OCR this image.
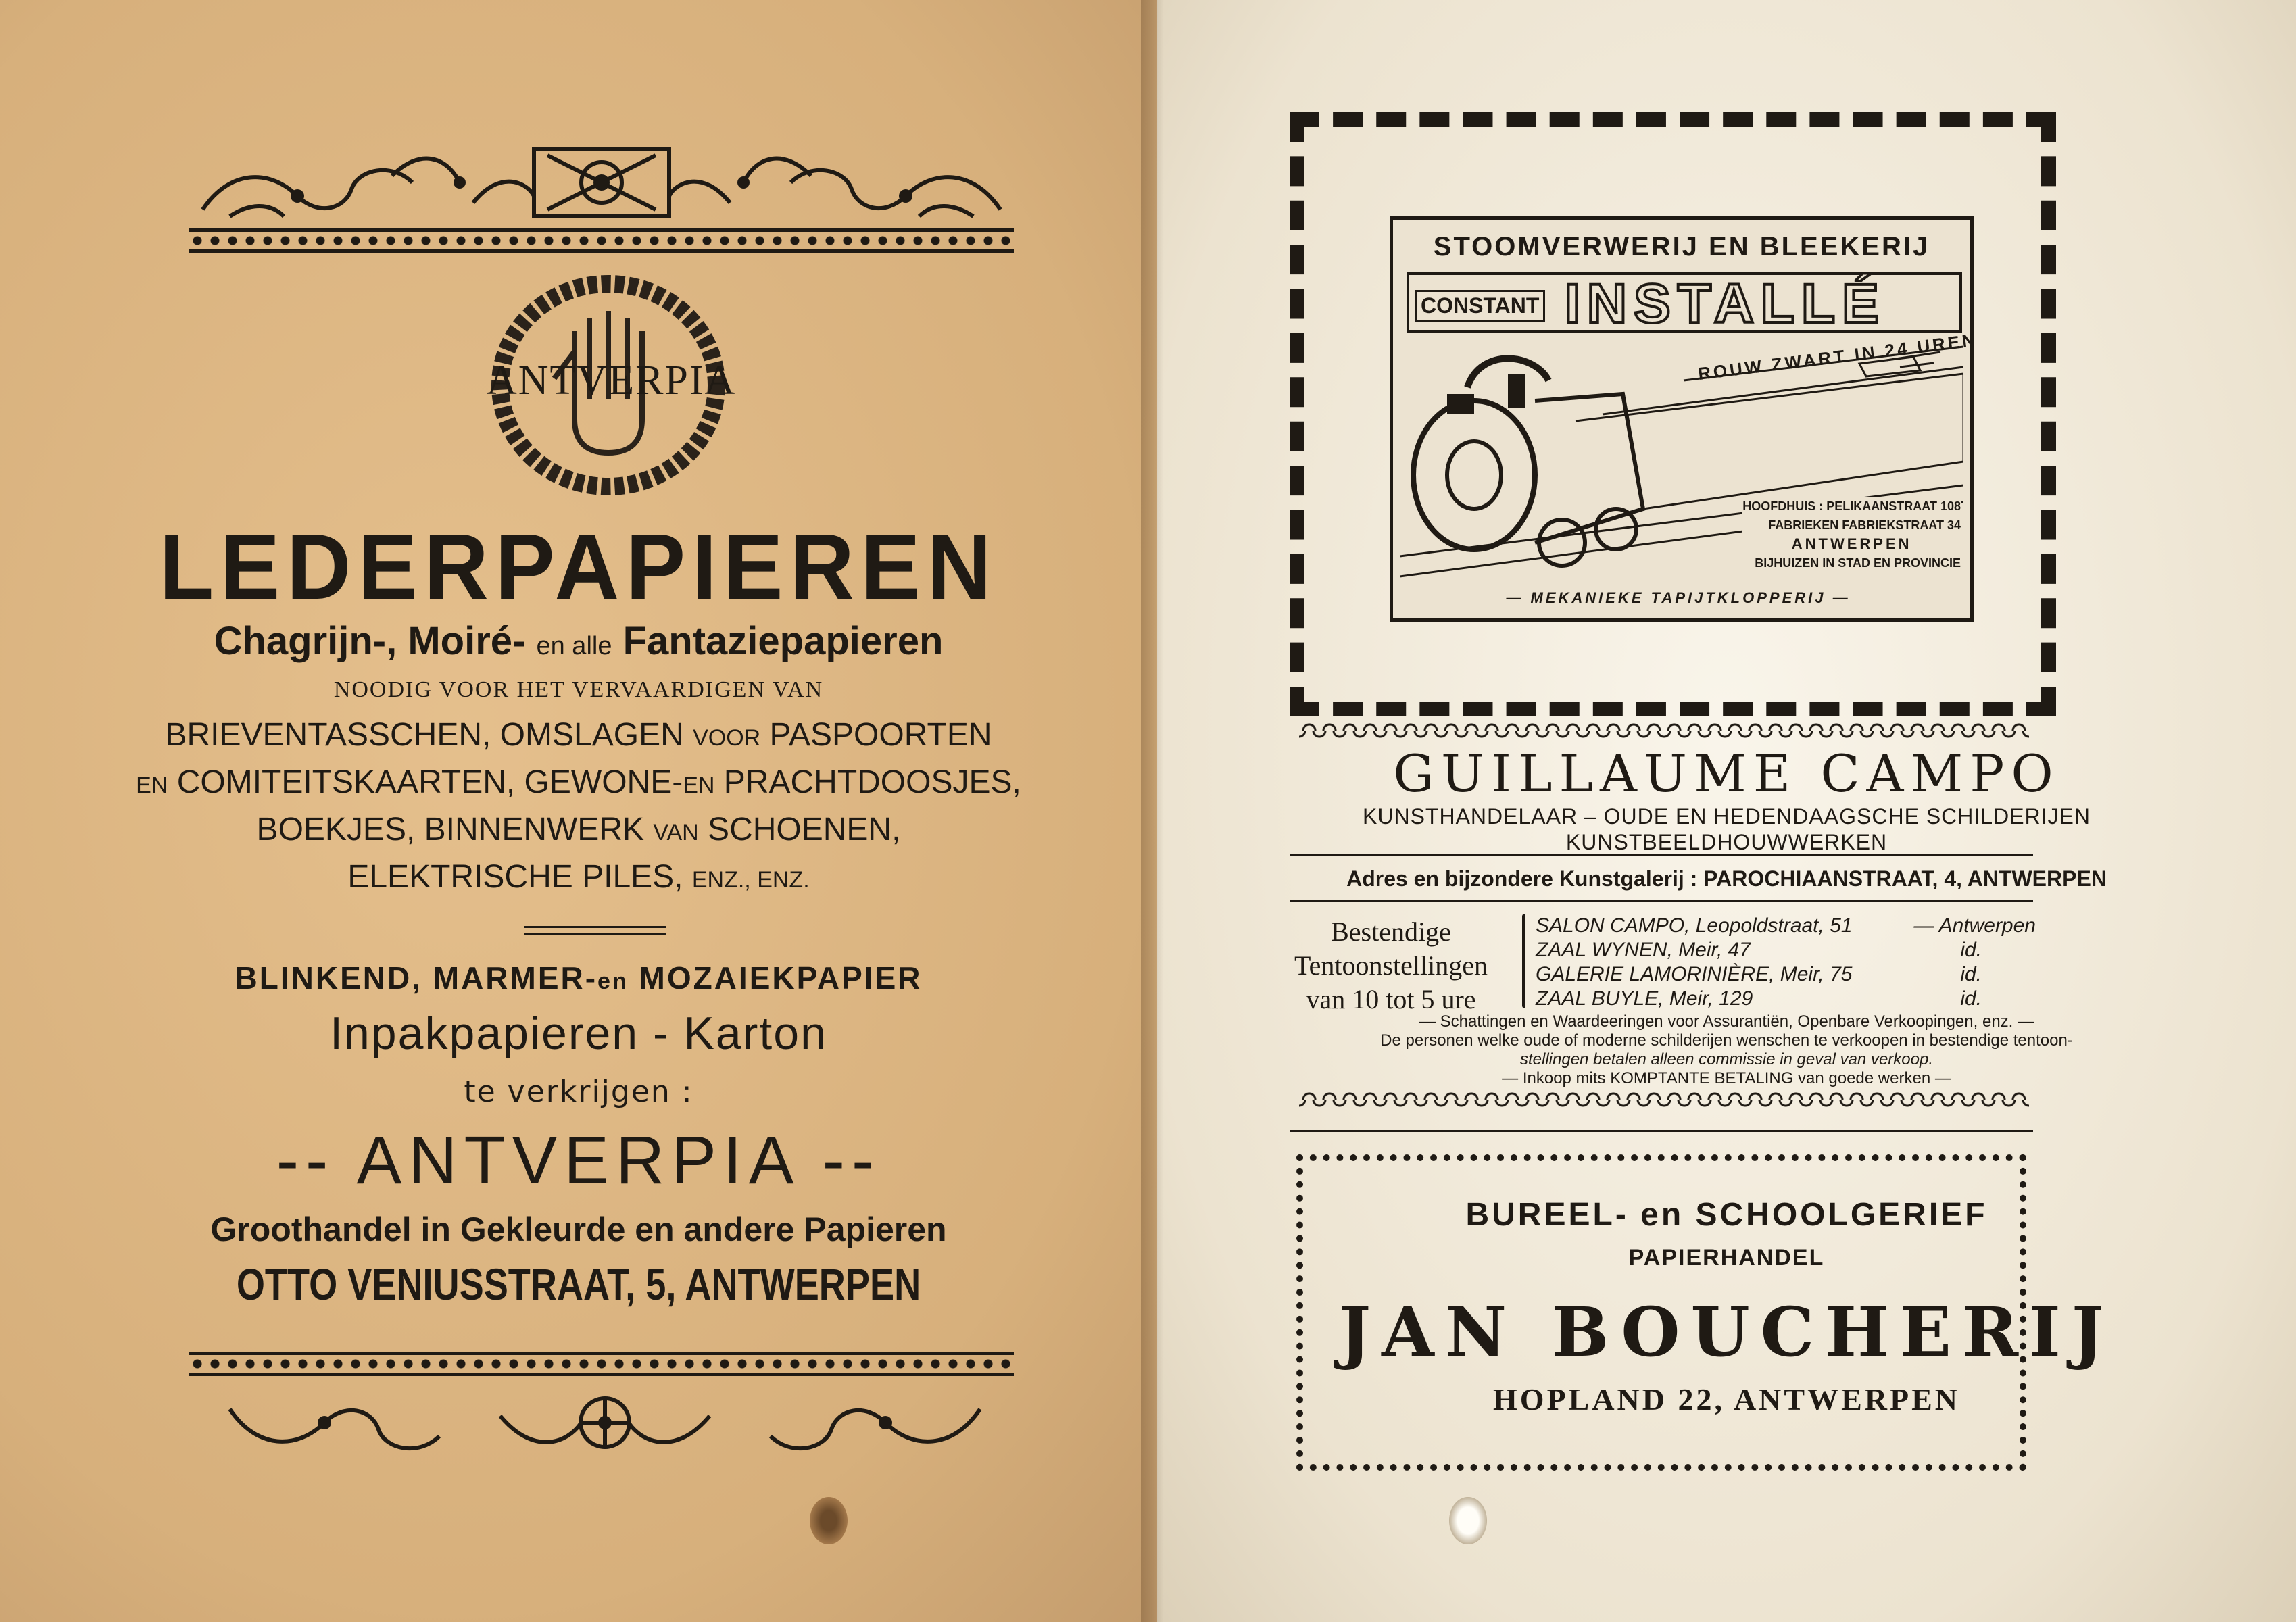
ANTVERPIA
LEDERPAPIEREN
Chagrijn-, Moiré- en alle Fantaziepapieren
NOODIG VOOR HET VERVAARDIGEN VAN
BRIEVENTASSCHEN, OMSLAGEN VOOR PASPOORTEN
EN COMITEITSKAARTEN, GEWONE-EN PRACHTDOOSJES,
BOEKJES, BINNENWERK VAN SCHOENEN,
ELEKTRISCHE PILES, ENZ., ENZ.
BLINKEND, MARMER-en MOZAIEKPAPIER
Inpakpapieren - Karton
te verkrijgen :
-- ANTVERPIA --
Groothandel in Gekleurde en andere Papieren
OTTO VENIUSSTRAAT, 5, ANTWERPEN
STOOMVERWERIJ EN BLEEKERIJ
CONSTANT INSTALLÉ
ROUW ZWART IN 24 UREN
HOOFDHUIS : PELIKAANSTRAAT 108
FABRIEKEN FABRIEKSTRAAT 34
ANTWERPEN
BIJHUIZEN IN STAD EN PROVINCIE
— MEKANIEKE TAPIJTKLOPPERIJ —
GUILLAUME CAMPO
KUNSTHANDELAAR – OUDE EN HEDENDAAGSCHE SCHILDERIJEN
KUNSTBEELDHOUWWERKEN
Adres en bijzondere Kunstgalerij : PAROCHIAANSTRAAT, 4, ANTWERPEN
Bestendige
Tentoonstellingen
van 10 tot 5 ure
SALON CAMPO, Leopoldstraat, 51	— Antwerpen
ZAAL WYNEN, Meir, 47	id.
GALERIE LAMORINIÈRE, Meir, 75	id.
ZAAL BUYLE, Meir, 129	id.
— Schattingen en Waardeeringen voor Assurantiën, Openbare Verkoopingen, enz. —
De personen welke oude of moderne schilderijen wenschen te verkoopen in bestendige tentoon-
stellingen betalen alleen commissie in geval van verkoop.
— Inkoop mits KOMPTANTE BETALING van goede werken —
BUREEL- en SCHOOLGERIEF
PAPIERHANDEL
JAN BOUCHERIJ
HOPLAND 22, ANTWERPEN
